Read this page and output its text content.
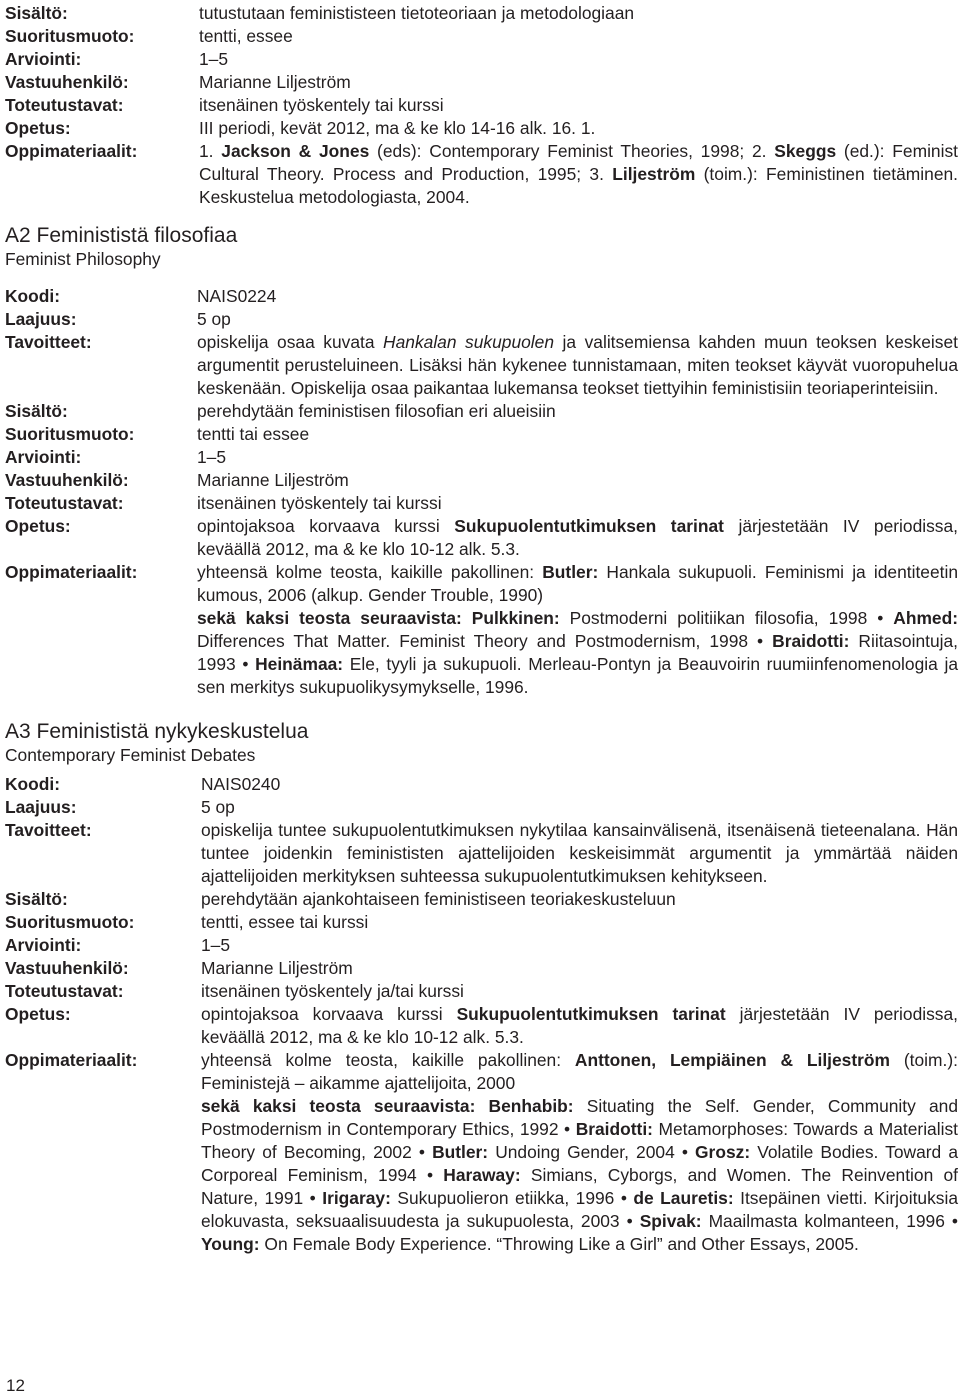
Sisältö:	tutustutaan feminististeen tietoteoriaan ja metodologiaan
Suoritusmuoto:	tentti, essee
Arviointi:	1–5
Vastuuhenkilö:	Marianne Liljeström
Toteutustavat:	itsenäinen työskentely tai kurssi
Opetus:	III periodi, kevät 2012, ma & ke klo 14-16 alk. 16. 1.
Oppimateriaalit:	1. Jackson & Jones (eds): Contemporary Feminist Theories, 1998; 2. Skeggs (ed.): Feminist Cultural Theory. Process and Production, 1995; 3. Liljeström (toim.): Feministinen tietäminen. Keskustelua metodologiasta, 2004.
A2 Feminististä filosofiaa
Feminist Philosophy
Koodi:	NAIS0224
Laajuus:	5 op
Tavoitteet:	opiskelija osaa kuvata Hankalan sukupuolen ja valitsemiensa kahden muun teoksen keskeiset argumentit perusteluineen. Lisäksi hän kykenee tunnistamaan, miten teokset käyvät vuoropuhelua keskenään. Opiskelija osaa paikantaa lukemansa teokset tiettyihin feministisiin teoriaperinteisiin.
Sisältö:	perehdytään feministisen filosofian eri alueisiin
Suoritusmuoto:	tentti tai essee
Arviointi:	1–5
Vastuuhenkilö:	Marianne Liljeström
Toteutustavat:	itsenäinen työskentely tai kurssi
Opetus:	opintojaksoa korvaava kurssi Sukupuolentutkimuksen tarinat järjestetään IV periodissa, keväällä 2012, ma & ke klo 10-12 alk. 5.3.
Oppimateriaalit:	yhteensä kolme teosta, kaikille pakollinen: Butler: Hankala sukupuoli. Feminismi ja identiteetin kumous, 2006 (alkup. Gender Trouble, 1990)
sekä kaksi teosta seuraavista: Pulkkinen: Postmoderni politiikan filosofia, 1998 • Ahmed: Differences That Matter. Feminist Theory and Postmodernism, 1998 • Braidotti: Riitasointuja, 1993 • Heinämaa: Ele, tyyli ja sukupuoli. Merleau-Pontyn ja Beauvoirin ruumiinfenomenologia ja sen merkitys sukupuolikysymykselle, 1996.
A3 Feminististä nykykeskustelua
Contemporary Feminist Debates
Koodi:	NAIS0240
Laajuus:	5 op
Tavoitteet:	opiskelija tuntee sukupuolentutkimuksen nykytilaa kansainvälisenä, itsenäisenä tieteenalana. Hän tuntee joidenkin feminististen ajattelijoiden keskeisimmät argumentit ja ymmärtää näiden ajattelijoiden merkityksen suhteessa sukupuolentutkimuksen kehitykseen.
Sisältö:	perehdytään ajankohtaiseen feministiseen teoriakeskusteluun
Suoritusmuoto:	tentti, essee tai kurssi
Arviointi:	1–5
Vastuuhenkilö:	Marianne Liljeström
Toteutustavat:	itsenäinen työskentely ja/tai kurssi
Opetus:	opintojaksoa korvaava kurssi Sukupuolentutkimuksen tarinat järjestetään IV periodissa, keväällä 2012, ma & ke klo 10-12 alk. 5.3.
Oppimateriaalit:	yhteensä kolme teosta, kaikille pakollinen: Anttonen, Lempiäinen & Liljeström (toim.): Feministejä – aikamme ajattelijoita, 2000
sekä kaksi teosta seuraavista: Benhabib: Situating the Self. Gender, Community and Postmodernism in Contemporary Ethics, 1992 • Braidotti: Metamorphoses: Towards a Materialist Theory of Becoming, 2002 • Butler: Undoing Gender, 2004 • Grosz: Volatile Bodies. Toward a Corporeal Feminism, 1994 • Haraway: Simians, Cyborgs, and Women. The Reinvention of Nature, 1991 • Irigaray: Sukupuolieron etiikka, 1996 • de Lauretis: Itsepäinen vietti. Kirjoituksia elokuvasta, seksuaalisuudesta ja sukupuolesta, 2003 • Spivak: Maailmasta kolmanteen, 1996 • Young: On Female Body Experience. “Throwing Like a Girl” and Other Essays, 2005.
12
